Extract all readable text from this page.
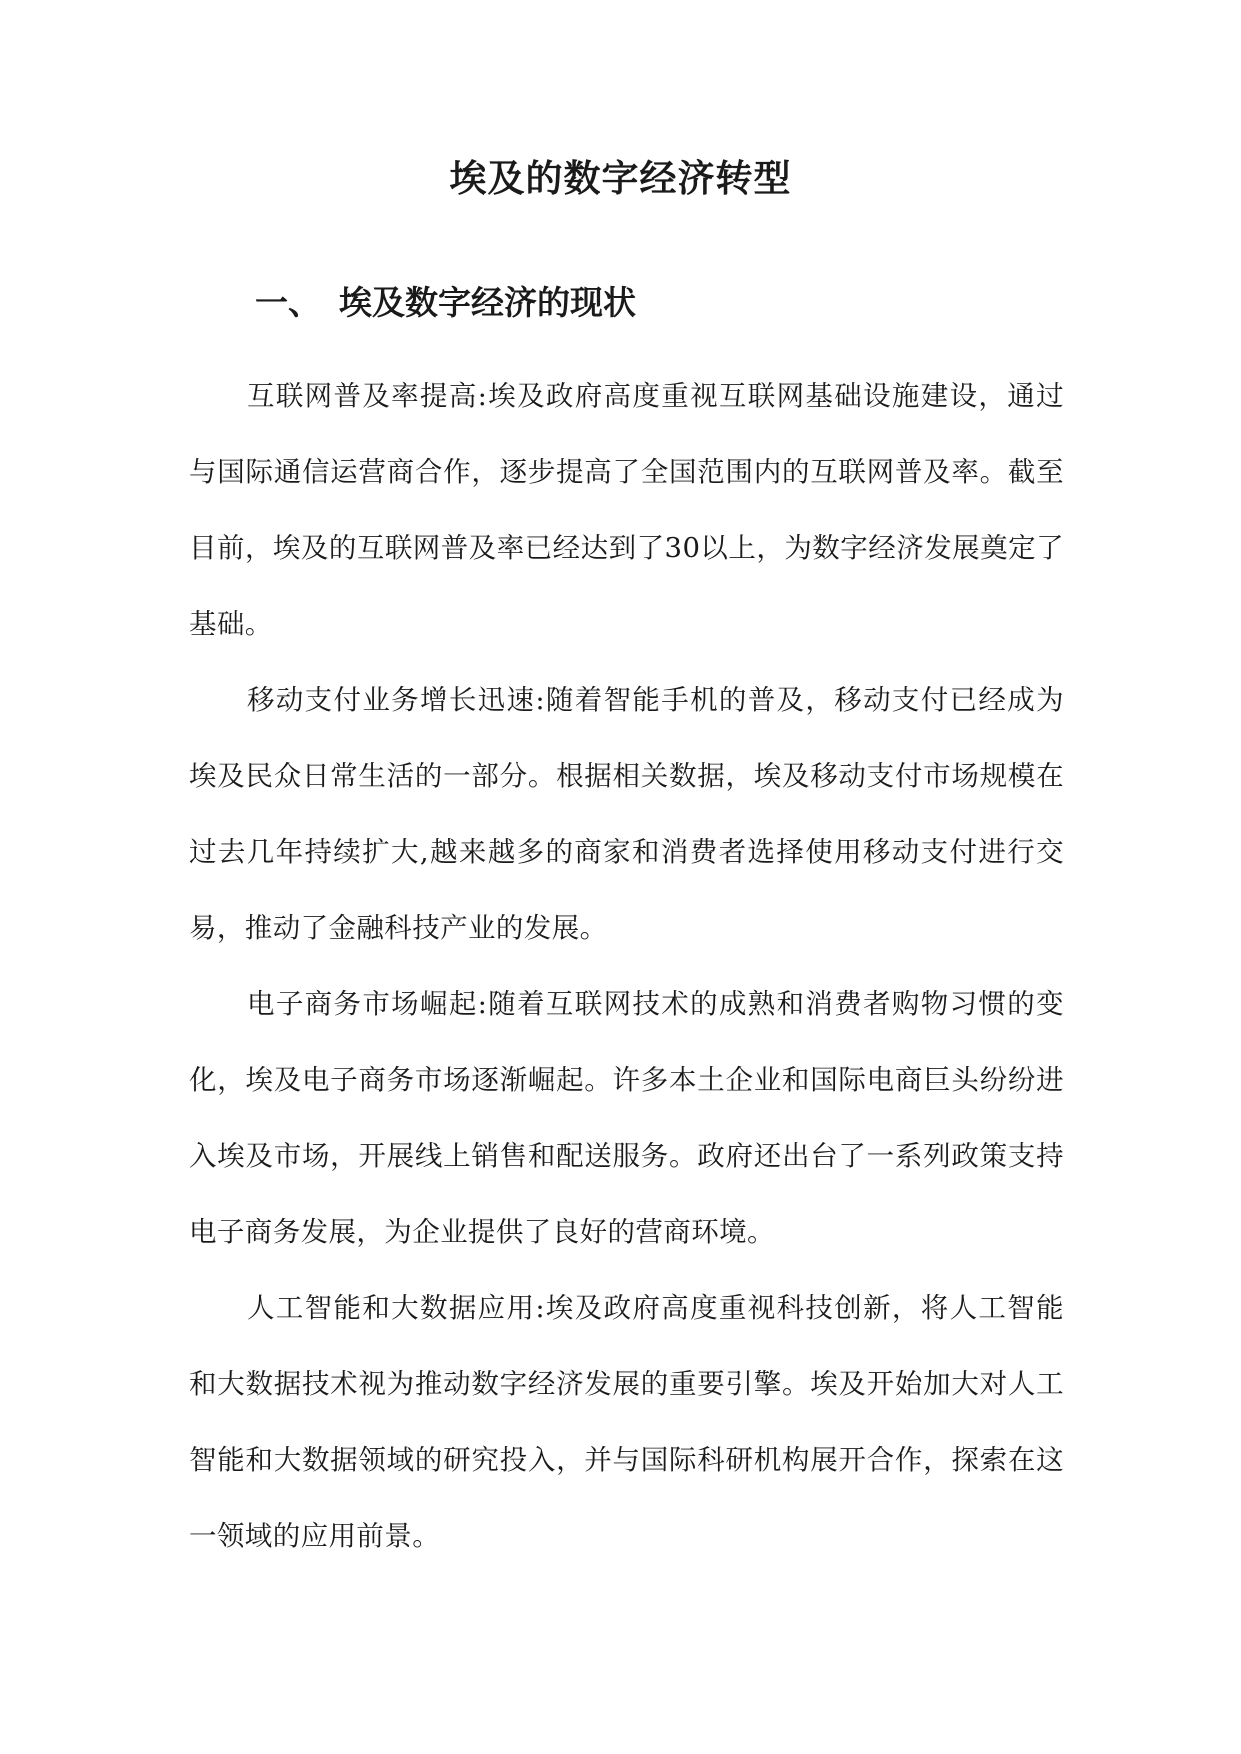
埃及的数字经济转型
一、 埃及数字经济的现状

互联网普及率提高:埃及政府高度重视互联网基础设施建设，通过与国际通信运营商合作，逐步提高了全国范围内的互联网普及率。截至目前，埃及的互联网普及率已经达到了30以上，为数字经济发展奠定了基础。

移动支付业务增长迅速:随着智能手机的普及，移动支付已经成为埃及民众日常生活的一部分。根据相关数据，埃及移动支付市场规模在过去几年持续扩大,越来越多的商家和消费者选择使用移动支付进行交易，推动了金融科技产业的发展。

电子商务市场崛起:随着互联网技术的成熟和消费者购物习惯的变化，埃及电子商务市场逐渐崛起。许多本土企业和国际电商巨头纷纷进入埃及市场，开展线上销售和配送服务。政府还出台了一系列政策支持电子商务发展，为企业提供了良好的营商环境。

人工智能和大数据应用:埃及政府高度重视科技创新，将人工智能和大数据技术视为推动数字经济发展的重要引擎。埃及开始加大对人工智能和大数据领域的研究投入，并与国际科研机构展开合作，探索在这一领域的应用前景。
